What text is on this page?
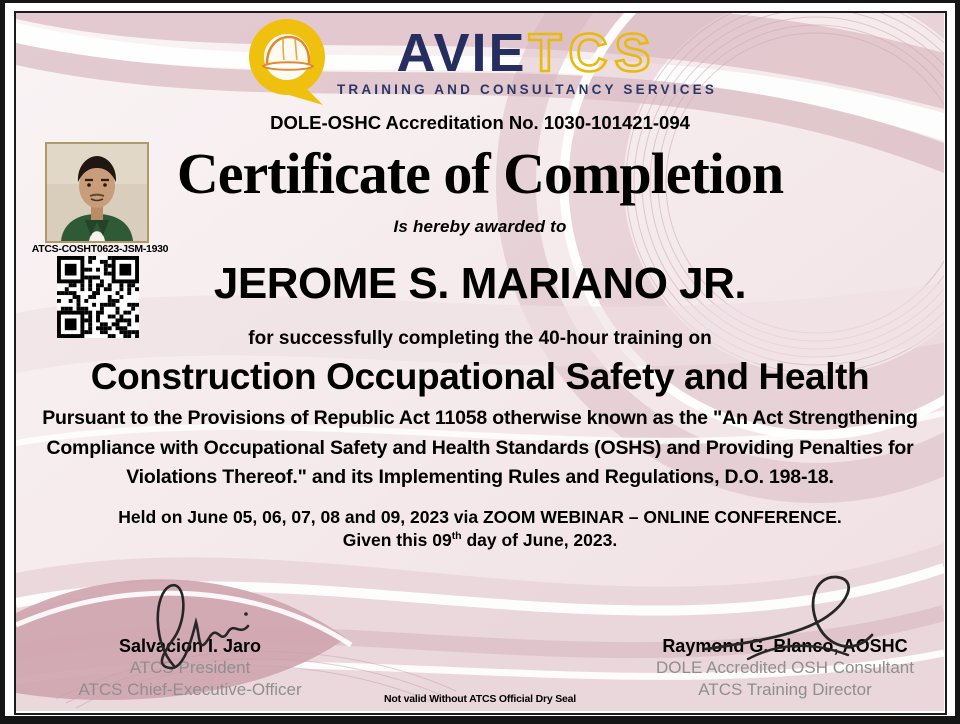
AVIETCS
TRAINING AND CONSULTANCY SERVICES
DOLE-OSHC Accreditation No. 1030-101421-094
Certificate of Completion
Is hereby awarded to
JEROME S. MARIANO JR.
for successfully completing the 40-hour training on
Construction Occupational Safety and Health
Pursuant to the Provisions of Republic Act 11058 otherwise known as the "An Act Strengthening
Compliance with Occupational Safety and Health Standards (OSHS) and Providing Penalties for
Violations Thereof." and its Implementing Rules and Regulations, D.O. 198-18.
Held on June 05, 06, 07, 08 and 09, 2023 via ZOOM WEBINAR – ONLINE CONFERENCE.
Given this 09th day of June, 2023.
ATCS-COSHT0623-JSM-1930
Salvacion I. Jaro
ATCS President
ATCS Chief-Executive-Officer
Raymond G. Blanco, AOSHC
DOLE Accredited OSH Consultant
ATCS Training Director
Not valid Without ATCS Official Dry Seal
